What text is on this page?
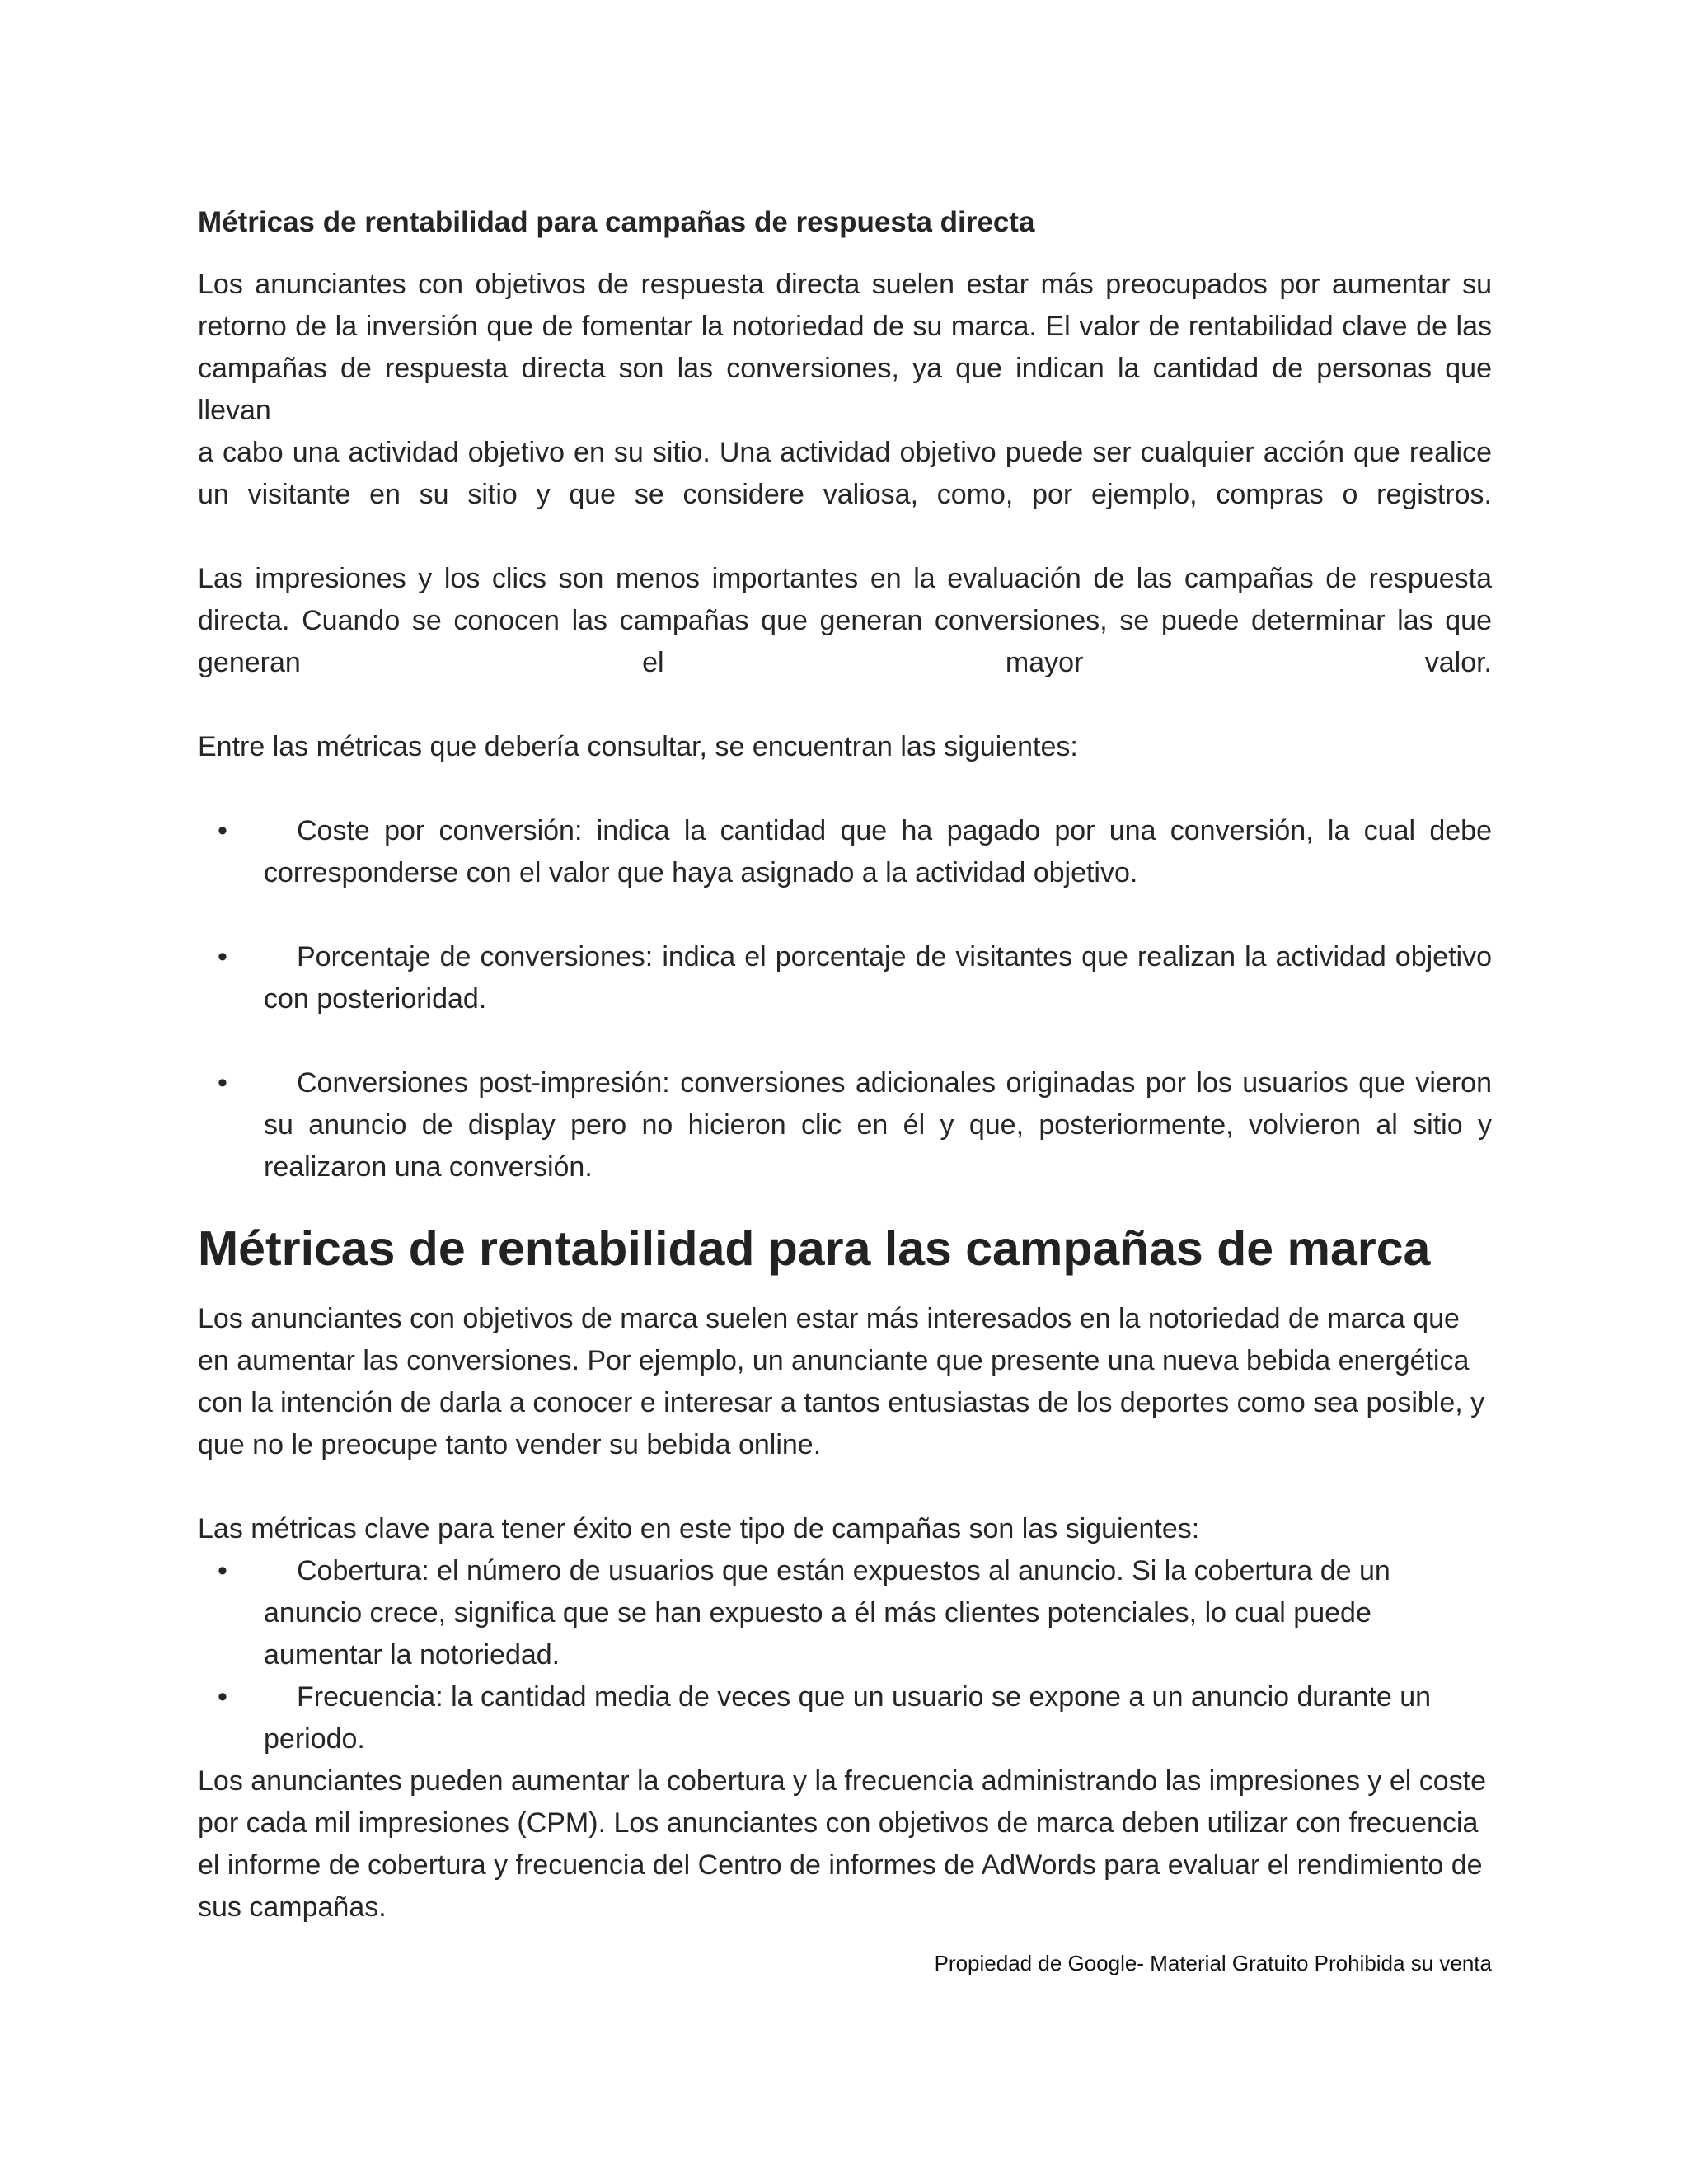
Métricas de rentabilidad para campañas de respuesta directa

Los anunciantes con objetivos de respuesta directa suelen estar más preocupados por aumentar su

retorno de la inversión que de fomentar la notoriedad de su marca. El valor de rentabilidad clave de las

campañas de respuesta directa son las conversiones, ya que indican la cantidad de personas que llevan

a cabo una actividad objetivo en su sitio. Una actividad objetivo puede ser cualquier acción que realice

un visitante en su sitio y que se considere valiosa, como, por ejemplo, compras o registros.

Las impresiones y los clics son menos importantes en la evaluación de las campañas de respuesta

directa. Cuando se conocen las campañas que generan conversiones, se puede determinar las que

generan el mayor valor.

Entre las métricas que debería consultar, se encuentran las siguientes:

• Coste por conversión: indica la cantidad que ha pagado por una conversión, la cual debe corresponderse con el valor que haya asignado a la actividad objetivo.
• Porcentaje de conversiones: indica el porcentaje de visitantes que realizan la actividad objetivo con posterioridad.
• Conversiones post-impresión: conversiones adicionales originadas por los usuarios que vieron su anuncio de display pero no hicieron clic en él y que, posteriormente, volvieron al sitio y realizaron una conversión.
Métricas de rentabilidad para las campañas de marca

Los anunciantes con objetivos de marca suelen estar más interesados en la notoriedad de marca que en aumentar las conversiones. Por ejemplo, un anunciante que presente una nueva bebida energética con la intención de darla a conocer e interesar a tantos entusiastas de los deportes como sea posible, y que no le preocupe tanto vender su bebida online.

Las métricas clave para tener éxito en este tipo de campañas son las siguientes:

• Cobertura: el número de usuarios que están expuestos al anuncio. Si la cobertura de un anuncio crece, significa que se han expuesto a él más clientes potenciales, lo cual puede aumentar la notoriedad.
• Frecuencia: la cantidad media de veces que un usuario se expone a un anuncio durante un periodo.

Los anunciantes pueden aumentar la cobertura y la frecuencia administrando las impresiones y el coste por cada mil impresiones (CPM). Los anunciantes con objetivos de marca deben utilizar con frecuencia el informe de cobertura y frecuencia del Centro de informes de AdWords para evaluar el rendimiento de sus campañas.

Propiedad de Google- Material Gratuito Prohibida su venta
